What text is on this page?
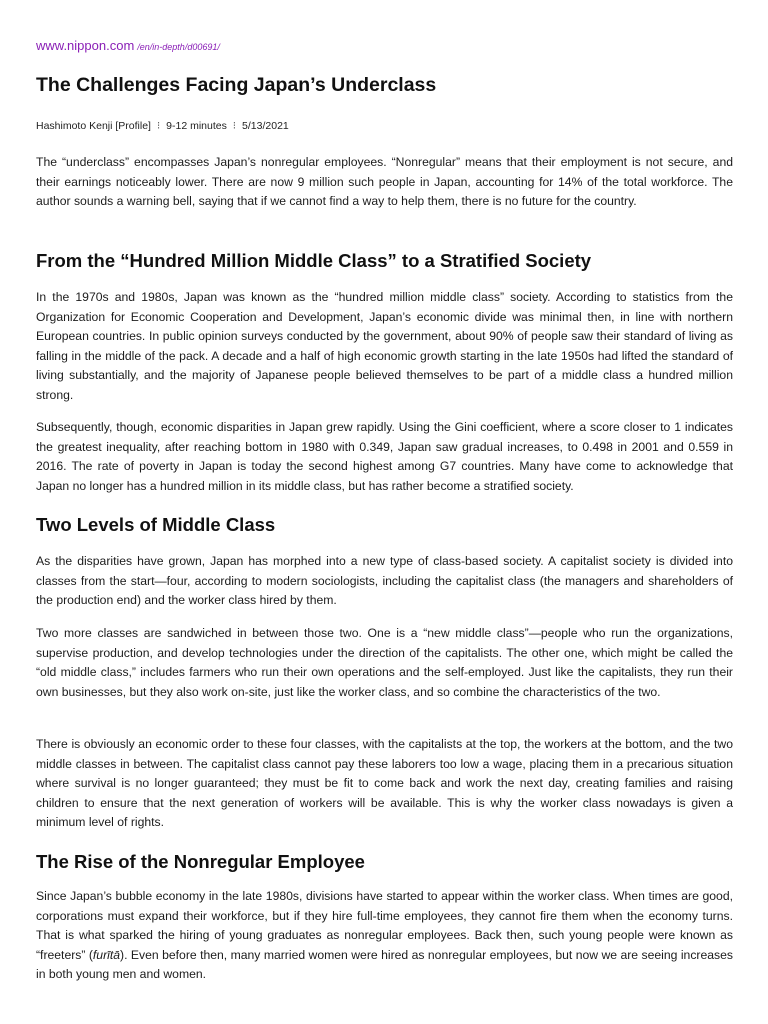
www.nippon.com /en/in-depth/d00691/
The Challenges Facing Japan’s Underclass
Hashimoto Kenji [Profile] ⁝ 9-12 minutes ⁝ 5/13/2021

The “underclass” encompasses Japan’s nonregular employees. “Nonregular” means that their employment is not secure, and their earnings noticeably lower. There are now 9 million such people in Japan, accounting for 14% of the total workforce. The author sounds a warning bell, saying that if we cannot find a way to help them, there is no future for the country.

From the “Hundred Million Middle Class” to a Stratified Society

In the 1970s and 1980s, Japan was known as the “hundred million middle class” society. According to statistics from the Organization for Economic Cooperation and Development, Japan’s economic divide was minimal then, in line with northern European countries. In public opinion surveys conducted by the government, about 90% of people saw their standard of living as falling in the middle of the pack. A decade and a half of high economic growth starting in the late 1950s had lifted the standard of living substantially, and the majority of Japanese people believed themselves to be part of a middle class a hundred million strong.

Subsequently, though, economic disparities in Japan grew rapidly. Using the Gini coefficient, where a score closer to 1 indicates the greatest inequality, after reaching bottom in 1980 with 0.349, Japan saw gradual increases, to 0.498 in 2001 and 0.559 in 2016. The rate of poverty in Japan is today the second highest among G7 countries. Many have come to acknowledge that Japan no longer has a hundred million in its middle class, but has rather become a stratified society.

Two Levels of Middle Class

As the disparities have grown, Japan has morphed into a new type of class-based society. A capitalist society is divided into classes from the start—four, according to modern sociologists, including the capitalist class (the managers and shareholders of the production end) and the worker class hired by them.

Two more classes are sandwiched in between those two. One is a “new middle class”—people who run the organizations, supervise production, and develop technologies under the direction of the capitalists. The other one, which might be called the “old middle class,” includes farmers who run their own operations and the self-employed. Just like the capitalists, they run their own businesses, but they also work on-site, just like the worker class, and so combine the characteristics of the two.

There is obviously an economic order to these four classes, with the capitalists at the top, the workers at the bottom, and the two middle classes in between. The capitalist class cannot pay these laborers too low a wage, placing them in a precarious situation where survival is no longer guaranteed; they must be fit to come back and work the next day, creating families and raising children to ensure that the next generation of workers will be available. This is why the worker class nowadays is given a minimum level of rights.

The Rise of the Nonregular Employee

Since Japan’s bubble economy in the late 1980s, divisions have started to appear within the worker class. When times are good, corporations must expand their workforce, but if they hire full-time employees, they cannot fire them when the economy turns. That is what sparked the hiring of young graduates as nonregular employees. Back then, such young people were known as “freeters” (furītā). Even before then, many married women were hired as nonregular employees, but now we are seeing increases in both young men and women.
